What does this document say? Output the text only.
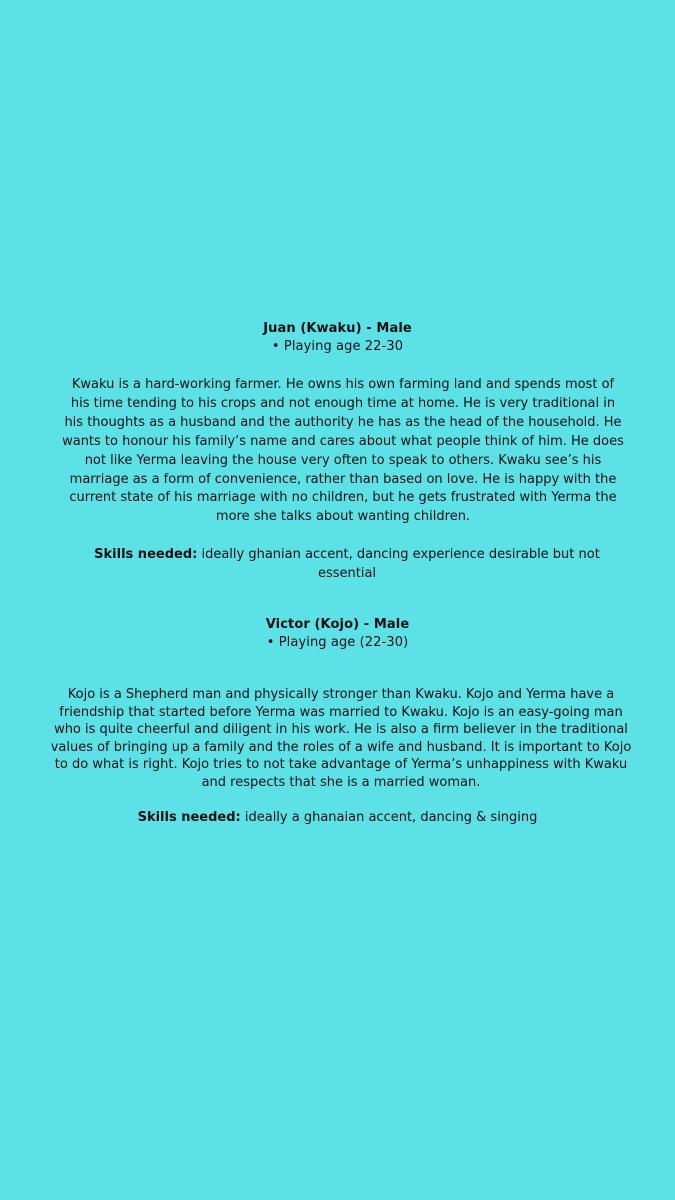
Juan (Kwaku) - Male
• Playing age 22-30
Kwaku is a hard-working farmer. He owns his own farming land and spends most of his time tending to his crops and not enough time at home. He is very traditional in his thoughts as a husband and the authority he has as the head of the household. He wants to honour his family’s name and cares about what people think of him. He does not like Yerma leaving the house very often to speak to others. Kwaku see’s his marriage as a form of convenience, rather than based on love. He is happy with the current state of his marriage with no children, but he gets frustrated with Yerma the more she talks about wanting children.
Skills needed: ideally ghanian accent, dancing experience desirable but not essential
Victor (Kojo) - Male
• Playing age (22-30)
Kojo is a Shepherd man and physically stronger than Kwaku. Kojo and Yerma have a friendship that started before Yerma was married to Kwaku. Kojo is an easy-going man who is quite cheerful and diligent in his work. He is also a firm believer in the traditional values of bringing up a family and the roles of a wife and husband. It is important to Kojo to do what is right. Kojo tries to not take advantage of Yerma’s unhappiness with Kwaku and respects that she is a married woman.
Skills needed: ideally a ghanaian accent, dancing & singing
